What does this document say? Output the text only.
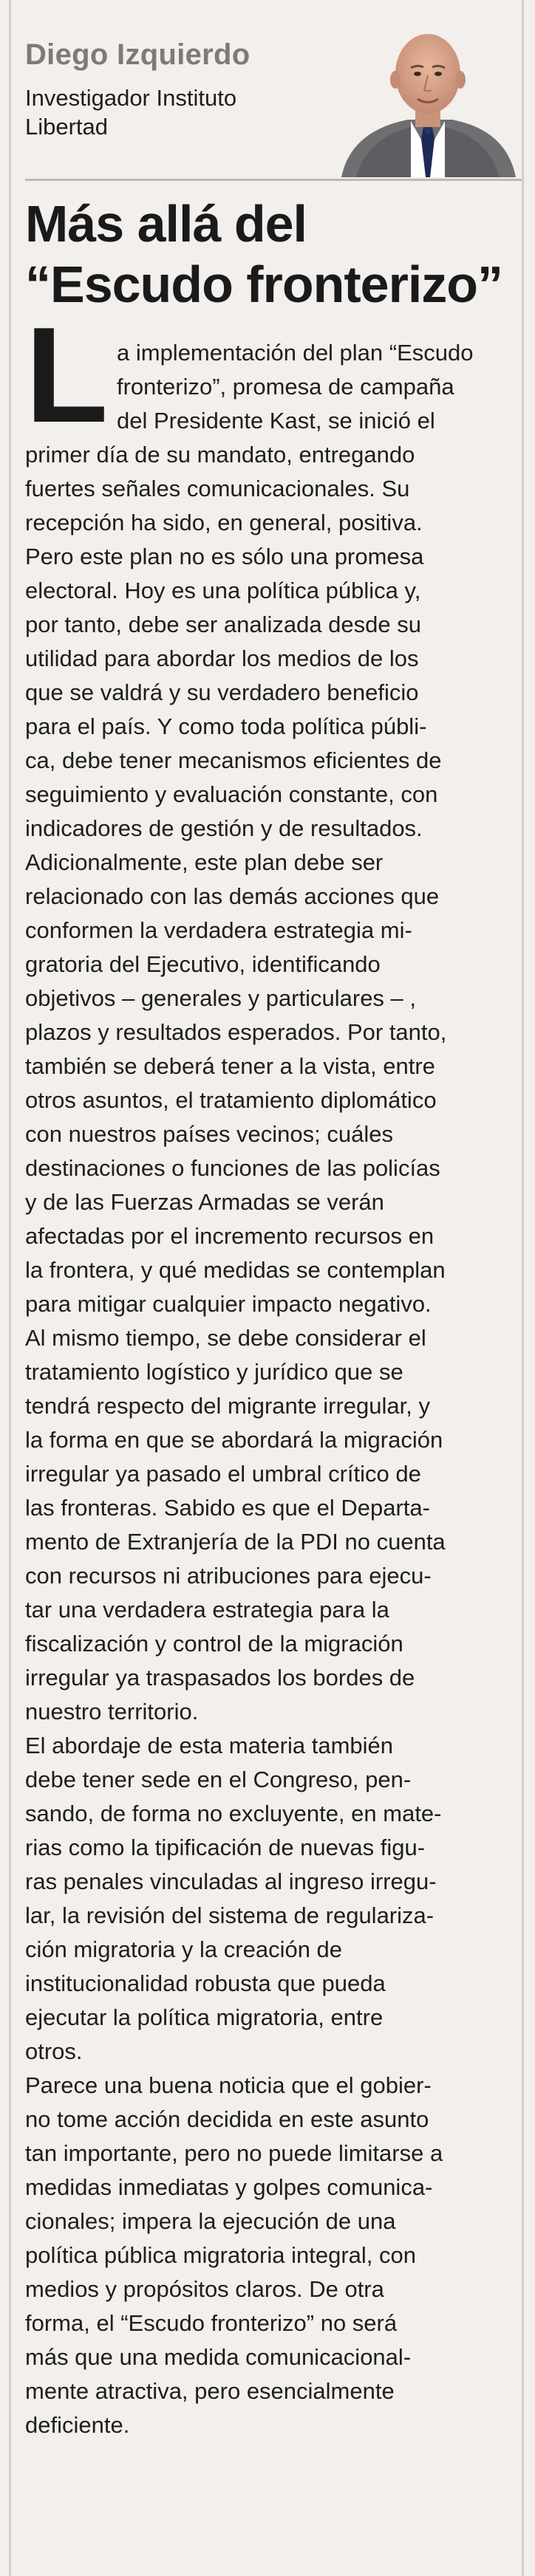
Diego Izquierdo
Investigador Instituto
Libertad
Más allá del
“Escudo fronterizo”
L a implementación del plan “Escudo
fronterizo”, promesa de campaña
del Presidente Kast, se inició el
primer día de su mandato, entregando
fuertes señales comunicacionales. Su
recepción ha sido, en general, positiva.
Pero este plan no es sólo una promesa
electoral. Hoy es una política pública y,
por tanto, debe ser analizada desde su
utilidad para abordar los medios de los
que se valdrá y su verdadero beneficio
para el país. Y como toda política públi-
ca, debe tener mecanismos eficientes de
seguimiento y evaluación constante, con
indicadores de gestión y de resultados.
Adicionalmente, este plan debe ser
relacionado con las demás acciones que
conformen la verdadera estrategia mi-
gratoria del Ejecutivo, identificando
objetivos – generales y particulares – ,
plazos y resultados esperados. Por tanto,
también se deberá tener a la vista, entre
otros asuntos, el tratamiento diplomático
con nuestros países vecinos; cuáles
destinaciones o funciones de las policías
y de las Fuerzas Armadas se verán
afectadas por el incremento recursos en
la frontera, y qué medidas se contemplan
para mitigar cualquier impacto negativo.
Al mismo tiempo, se debe considerar el
tratamiento logístico y jurídico que se
tendrá respecto del migrante irregular, y
la forma en que se abordará la migración
irregular ya pasado el umbral crítico de
las fronteras. Sabido es que el Departa-
mento de Extranjería de la PDI no cuenta
con recursos ni atribuciones para ejecu-
tar una verdadera estrategia para la
fiscalización y control de la migración
irregular ya traspasados los bordes de
nuestro territorio.
El abordaje de esta materia también
debe tener sede en el Congreso, pen-
sando, de forma no excluyente, en mate-
rias como la tipificación de nuevas figu-
ras penales vinculadas al ingreso irregu-
lar, la revisión del sistema de regulariza-
ción migratoria y la creación de
institucionalidad robusta que pueda
ejecutar la política migratoria, entre
otros.
Parece una buena noticia que el gobier-
no tome acción decidida en este asunto
tan importante, pero no puede limitarse a
medidas inmediatas y golpes comunica-
cionales; impera la ejecución de una
política pública migratoria integral, con
medios y propósitos claros. De otra
forma, el “Escudo fronterizo” no será
más que una medida comunicacional-
mente atractiva, pero esencialmente
deficiente.
